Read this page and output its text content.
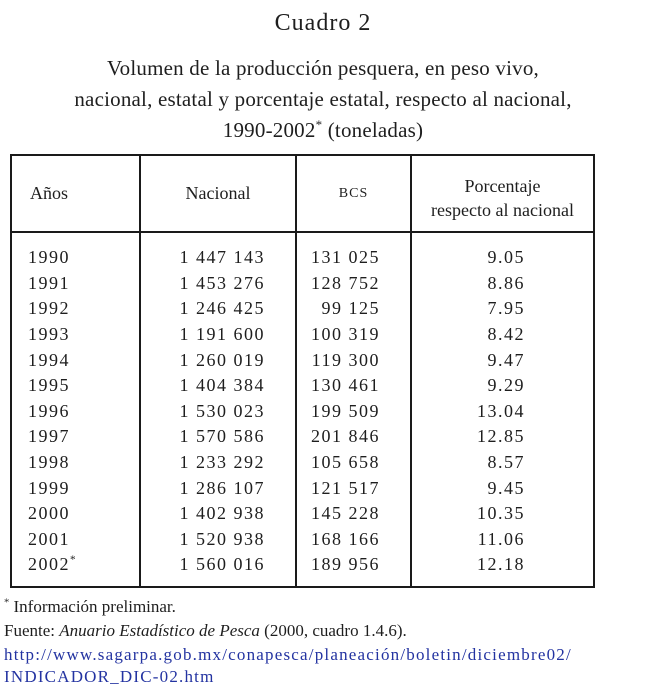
Cuadro 2
Volumen de la producción pesquera, en peso vivo,
nacional, estatal y porcentaje estatal, respecto al nacional,
1990-2002* (toneladas)
Años	Nacional	BCS	Porcentaje
respecto al nacional

1990	1 447 143	131 025	9.05
1991	1 453 276	128 752	8.86
1992	1 246 425	99 125	7.95
1993	1 191 600	100 319	8.42
1994	1 260 019	119 300	9.47
1995	1 404 384	130 461	9.29
1996	1 530 023	199 509	13.04
1997	1 570 586	201 846	12.85
1998	1 233 292	105 658	8.57
1999	1 286 107	121 517	9.45
2000	1 402 938	145 228	10.35
2001	1 520 938	168 166	11.06
2002*	1 560 016	189 956	12.18
* Información preliminar.
Fuente: Anuario Estadístico de Pesca (2000, cuadro 1.4.6).
http://www.sagarpa.gob.mx/conapesca/planeación/boletin/diciembre02/
INDICADOR_DIC-02.htm
